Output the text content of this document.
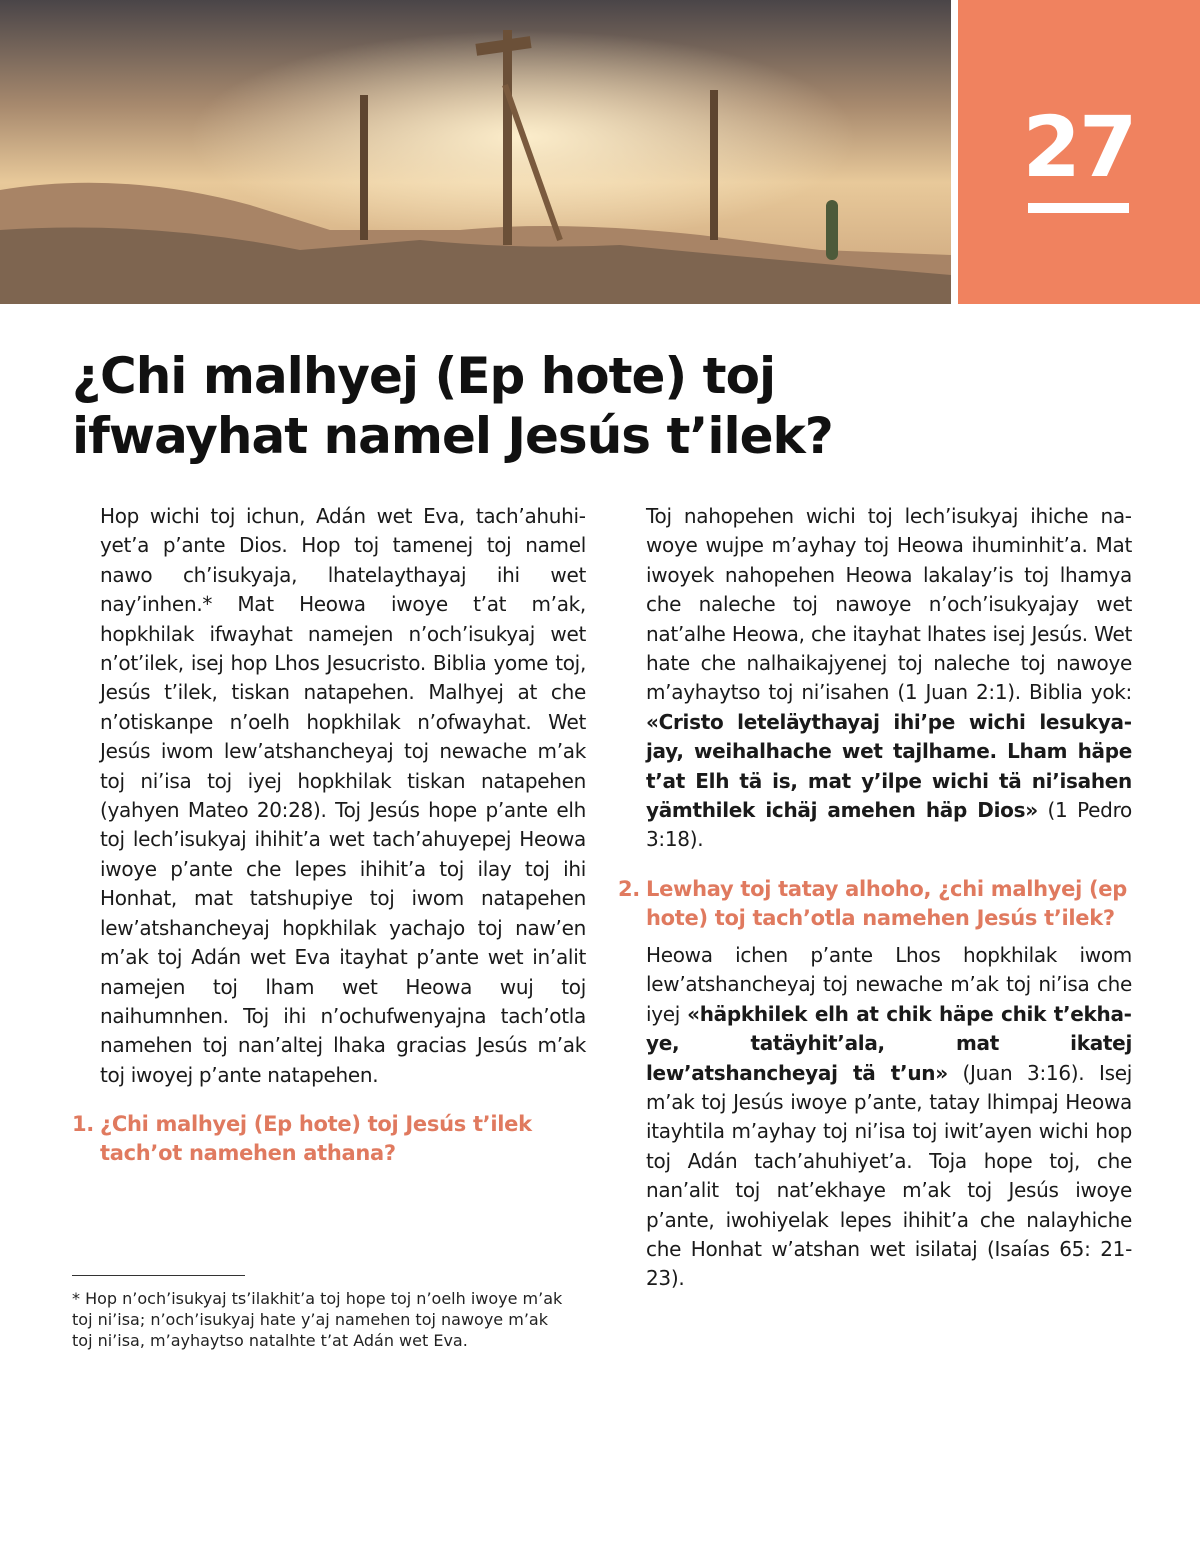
27
¿Chi malhyej (Ep hote) toj ifwayhat namel Jesús t’ilek?

Hop wichi toj ichun, Adán wet Eva, tach’ahuhiyet’a p’ante Dios. Hop toj tamenej toj namel nawo ch’isukyaja, lhatelaythayaj ihi wet nay’inhen.* Mat Heowa iwoye t’at m’ak, hopkhilak ifwayhat namejen n’och’isukyaj wet n’ot’ilek, isej hop Lhos Jesucristo. Biblia yome toj, Jesús t’ilek, tiskan natapehen. Malhyej at che n’otiskanpe n’oelh hopkhilak n’ofwayhat. Wet Jesús iwom lew’atshancheyaj toj newache m’ak toj ni’isa toj iyej hopkhilak tiskan natapehen (yahyen Mateo 20:28). Toj Jesús hope p’ante elh toj lech’isukyaj ihihit’a wet tach’ahuyepej Heowa iwoye p’ante che lepes ihihit’a toj ilay toj ihi Honhat, mat tatshupiye toj iwom natapehen lew’atshancheyaj hopkhilak yachajo toj naw’en m’ak toj Adán wet Eva itayhat p’ante wet in’alit namejen toj lham wet Heowa wuj toj naihumnhen. Toj ihi n’ochufwenyajna tach’otla namehen toj nan’altej lhaka gracias Jesús m’ak toj iwoyej p’ante natapehen.

1. ¿Chi malhyej (Ep hote) toj Jesús t’ilek tach’ot namehen athana?

Toj nahopehen wichi toj lech’isukyaj ihiche nawoye wujpe m’ayhay toj Heowa ihuminhit’a. Mat iwoyek nahopehen Heowa lakalay’is toj lhamya che naleche toj nawoye n’och’isukyajay wet nat’alhe Heowa, che itayhat lhates isej Jesús. Wet hate che nalhaikajyenej toj naleche toj nawoye m’ayhaytso toj ni’isahen (1 Juan 2:1). Biblia yok: «Cristo leteläythayaj ihi’pe wichi lesukyajay, weihalhache wet tajlhame. Lham häpe t’at Elh tä is, mat y’ilpe wichi tä ni’isahen yämthilek ichäj amehen häp Dios» (1 Pedro 3:18).

2. Lewhay toj tatay alhoho, ¿chi malhyej (ep hote) toj tach’otla namehen Jesús t’ilek?

Heowa ichen p’ante Lhos hopkhilak iwom lew’atshancheyaj toj newache m’ak toj ni’isa che iyej «häpkhilek elh at chik häpe chik t’ekhaye, tatäyhit’ala, mat ikatej lew’atshancheyaj tä t’un» (Juan 3:16). Isej m’ak toj Jesús iwoye p’ante, tatay lhimpaj Heowa itayhtila m’ayhay toj ni’isa toj iwit’ayen wichi hop toj Adán tach’ahuhiyet’a. Toja hope toj, che nan’alit toj nat’ekhaye m’ak toj Jesús iwoye p’ante, iwohiyelak lepes ihihit’a che nalayhiche che Honhat w’atshan wet isilataj (Isaías 65: 21-23).

* Hop n’och’isukyaj ts’ilakhit’a toj hope toj n’oelh iwoye m’ak toj ni’isa; n’och’isukyaj hate y’aj namehen toj nawoye m’ak toj ni’isa, m’ayhaytso natalhte t’at Adán wet Eva.
